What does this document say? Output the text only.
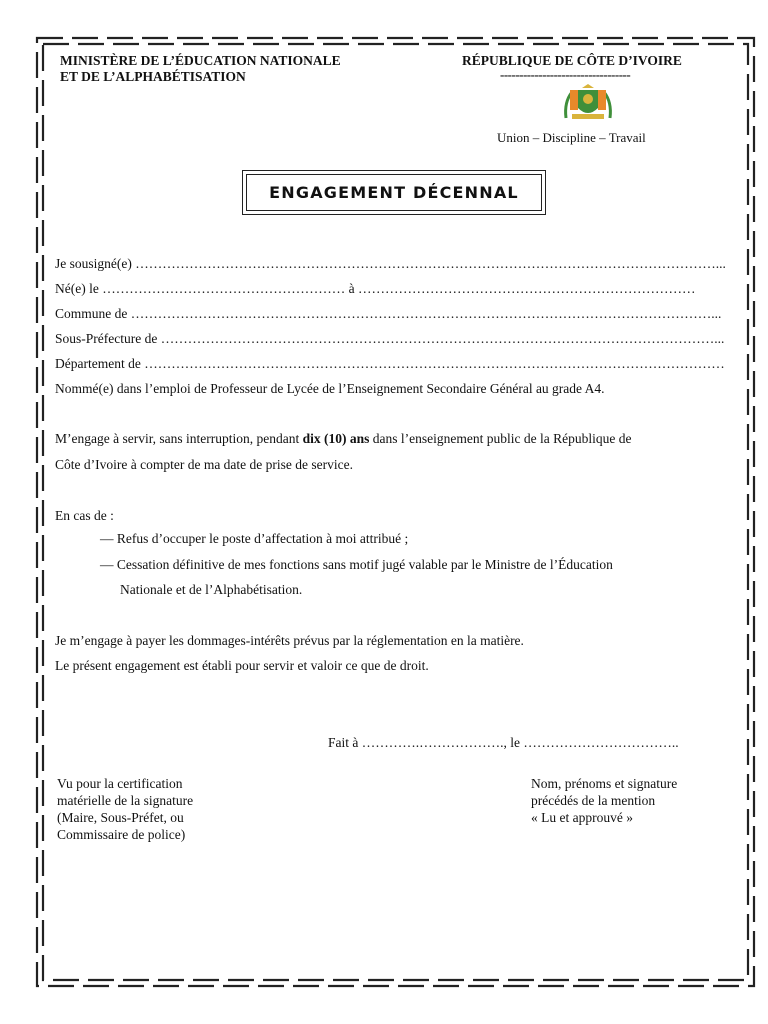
MINISTÈRE DE L’ÉDUCATION NATIONALE
ET DE L’ALPHABÉTISATION
RÉPUBLIQUE DE CÔTE D’IVOIRE
----------------------------------
Union – Discipline – Travail
ENGAGEMENT DÉCENNAL
Je sousigné(e) …………………………………………………………………………………………………………………...
Né(e) le ……………………………………………… à …………………………………………………………………
Commune de …………………………………………………………………………………………………………………...
Sous-Préfecture de ……………………………………………………………………………………………………………...
Département de …………………………………………………………………………………………………………………
Nommé(e) dans l’emploi de Professeur de Lycée de l’Enseignement Secondaire Général au grade A4.
M’engage à servir, sans interruption, pendant dix (10) ans dans l’enseignement public de la République de
Côte d’Ivoire à compter de ma date de prise de service.
En cas de :
— Refus d’occuper le poste d’affectation à moi attribué ;
— Cessation définitive de mes fonctions sans motif jugé valable par le Ministre de l’Éducation
Nationale et de l’Alphabétisation.
Je m’engage à payer les dommages-intérêts prévus par la réglementation en la matière.
Le présent engagement est établi pour servir et valoir ce que de droit.
Fait à ………….………………., le ……………………………..
Vu pour la certification
matérielle de la signature
(Maire, Sous-Préfet, ou
Commissaire de police)
Nom, prénoms et signature
précédés de la mention
« Lu et approuvé »
